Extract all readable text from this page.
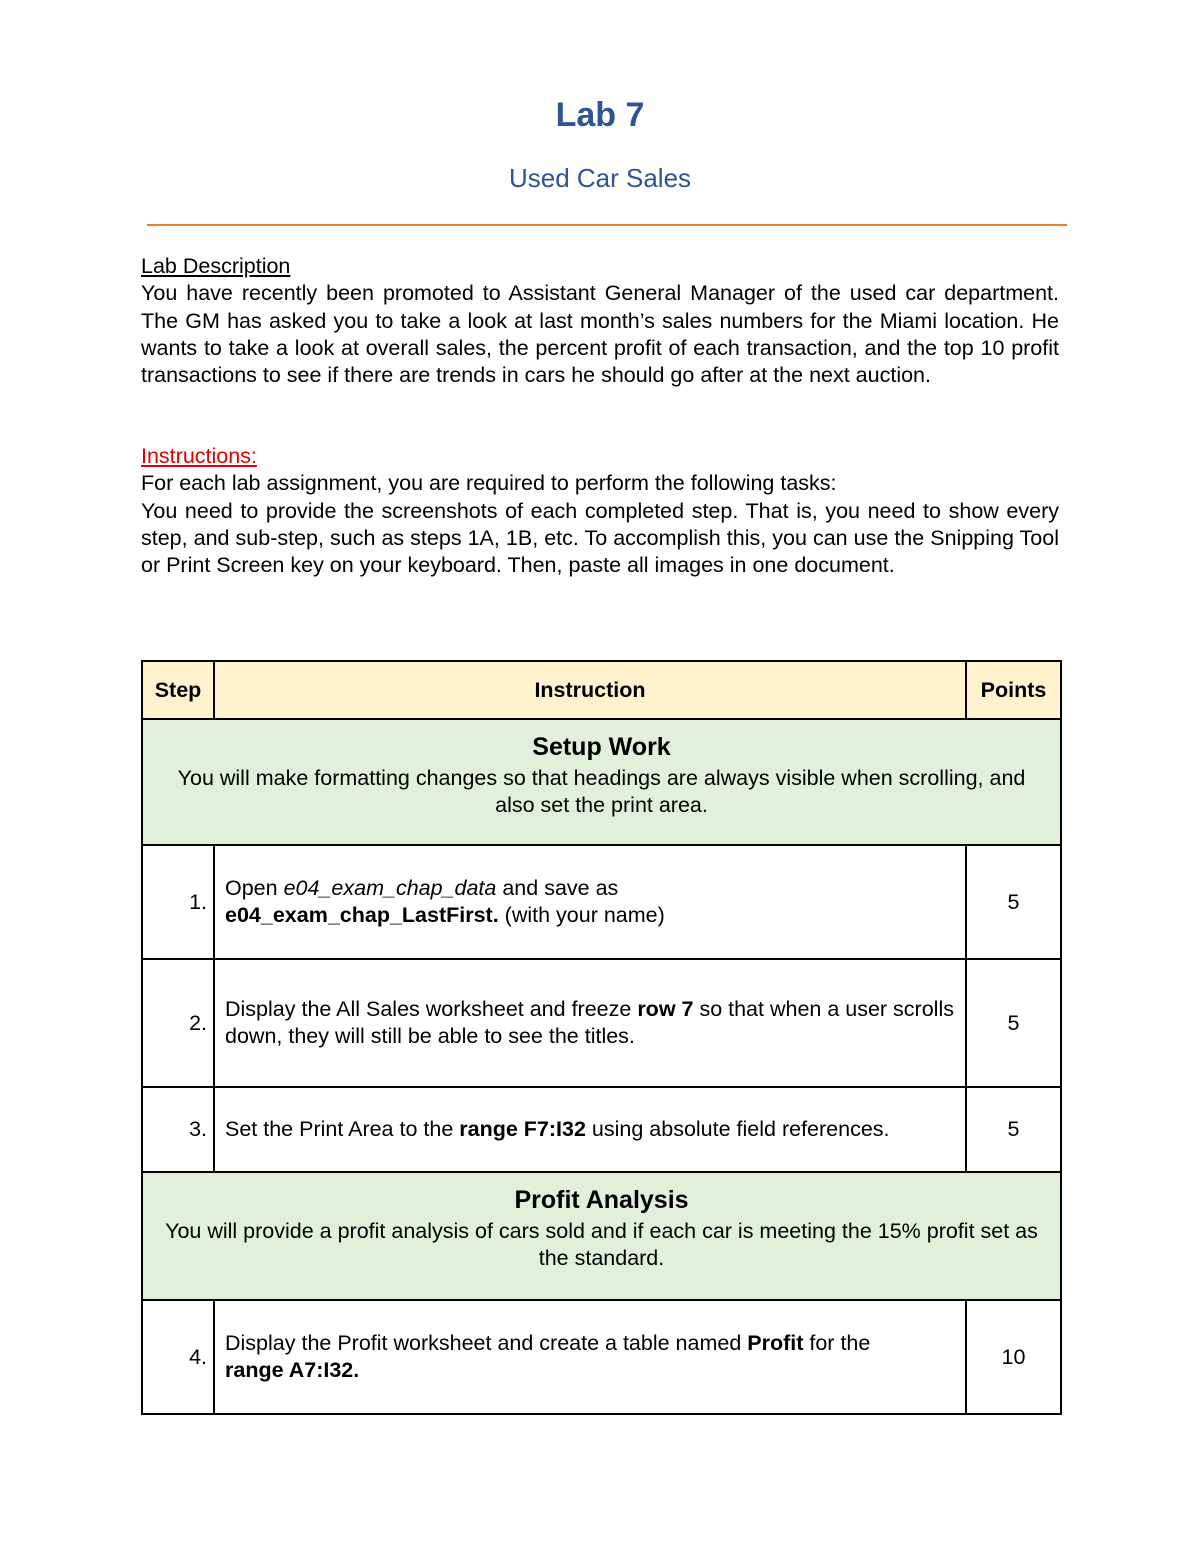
Lab 7
Used Car Sales
Lab Description

You have recently been promoted to Assistant General Manager of the used car department. The GM has asked you to take a look at last month’s sales numbers for the Miami location. He wants to take a look at overall sales, the percent profit of each transaction, and the top 10 profit transactions to see if there are trends in cars he should go after at the next auction.

Instructions:

For each lab assignment, you are required to perform the following tasks:

You need to provide the screenshots of each completed step. That is, you need to show every step, and sub-step, such as steps 1A, 1B, etc. To accomplish this, you can use the Snipping Tool or Print Screen key on your keyboard. Then, paste all images in one document.

Step	Instruction	Points

Setup Work
You will make formatting changes so that headings are always visible when scrolling, and also set the print area.		

1.	Open e04_exam_chap_data and save as
e04_exam_chap_LastFirst. (with your name)	5
2.	Display the All Sales worksheet and freeze row 7 so that when a user scrolls down, they will still be able to see the titles.	5
3.	Set the Print Area to the range F7:I32 using absolute field references.	5

Profit Analysis
You will provide a profit analysis of cars sold and if each car is meeting the 15% profit set as the standard.		

4.	Display the Profit worksheet and create a table named Profit for the
range A7:I32.	10
